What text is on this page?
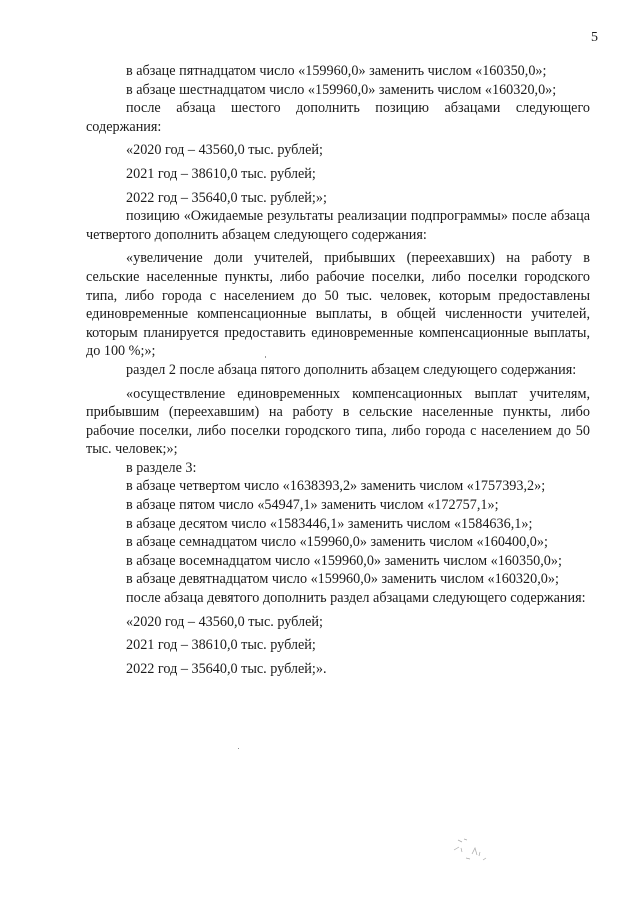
5

в абзаце пятнадцатом число «159960,0» заменить числом «160350,0»;

в абзаце шестнадцатом число «159960,0» заменить числом «160320,0»;

после абзаца шестого дополнить позицию абзацами следующего содержания:

«2020 год – 43560,0 тыс. рублей;

2021 год – 38610,0 тыс. рублей;

2022 год – 35640,0 тыс. рублей;»;

позицию «Ожидаемые результаты реализации подпрограммы» после абзаца четвертого дополнить абзацем следующего содержания:

«увеличение доли учителей, прибывших (переехавших) на работу в сельские населенные пункты, либо рабочие поселки, либо поселки городского типа, либо города с населением до 50 тыс. человек, которым предоставлены единовременные компенсационные выплаты, в общей численности учителей, которым планируется предоставить единовременные компенсационные выплаты, до 100 %;»;

раздел 2 после абзаца пятого дополнить абзацем следующего содержания:

«осуществление единовременных компенсационных выплат учителям, прибывшим (переехавшим) на работу в сельские населенные пункты, либо рабочие поселки, либо поселки городского типа, либо города с населением до 50 тыс. человек;»;

в разделе 3:

в абзаце четвертом число «1638393,2» заменить числом «1757393,2»;

в абзаце пятом число «54947,1» заменить числом «172757,1»;

в абзаце десятом число «1583446,1» заменить числом «1584636,1»;

в абзаце семнадцатом число «159960,0» заменить числом «160400,0»;

в абзаце восемнадцатом число «159960,0» заменить числом «160350,0»;

в абзаце девятнадцатом число «159960,0» заменить числом «160320,0»;

после абзаца девятого дополнить раздел абзацами следующего содержания:

«2020 год – 43560,0 тыс. рублей;

2021 год – 38610,0 тыс. рублей;

2022 год – 35640,0 тыс. рублей;».
